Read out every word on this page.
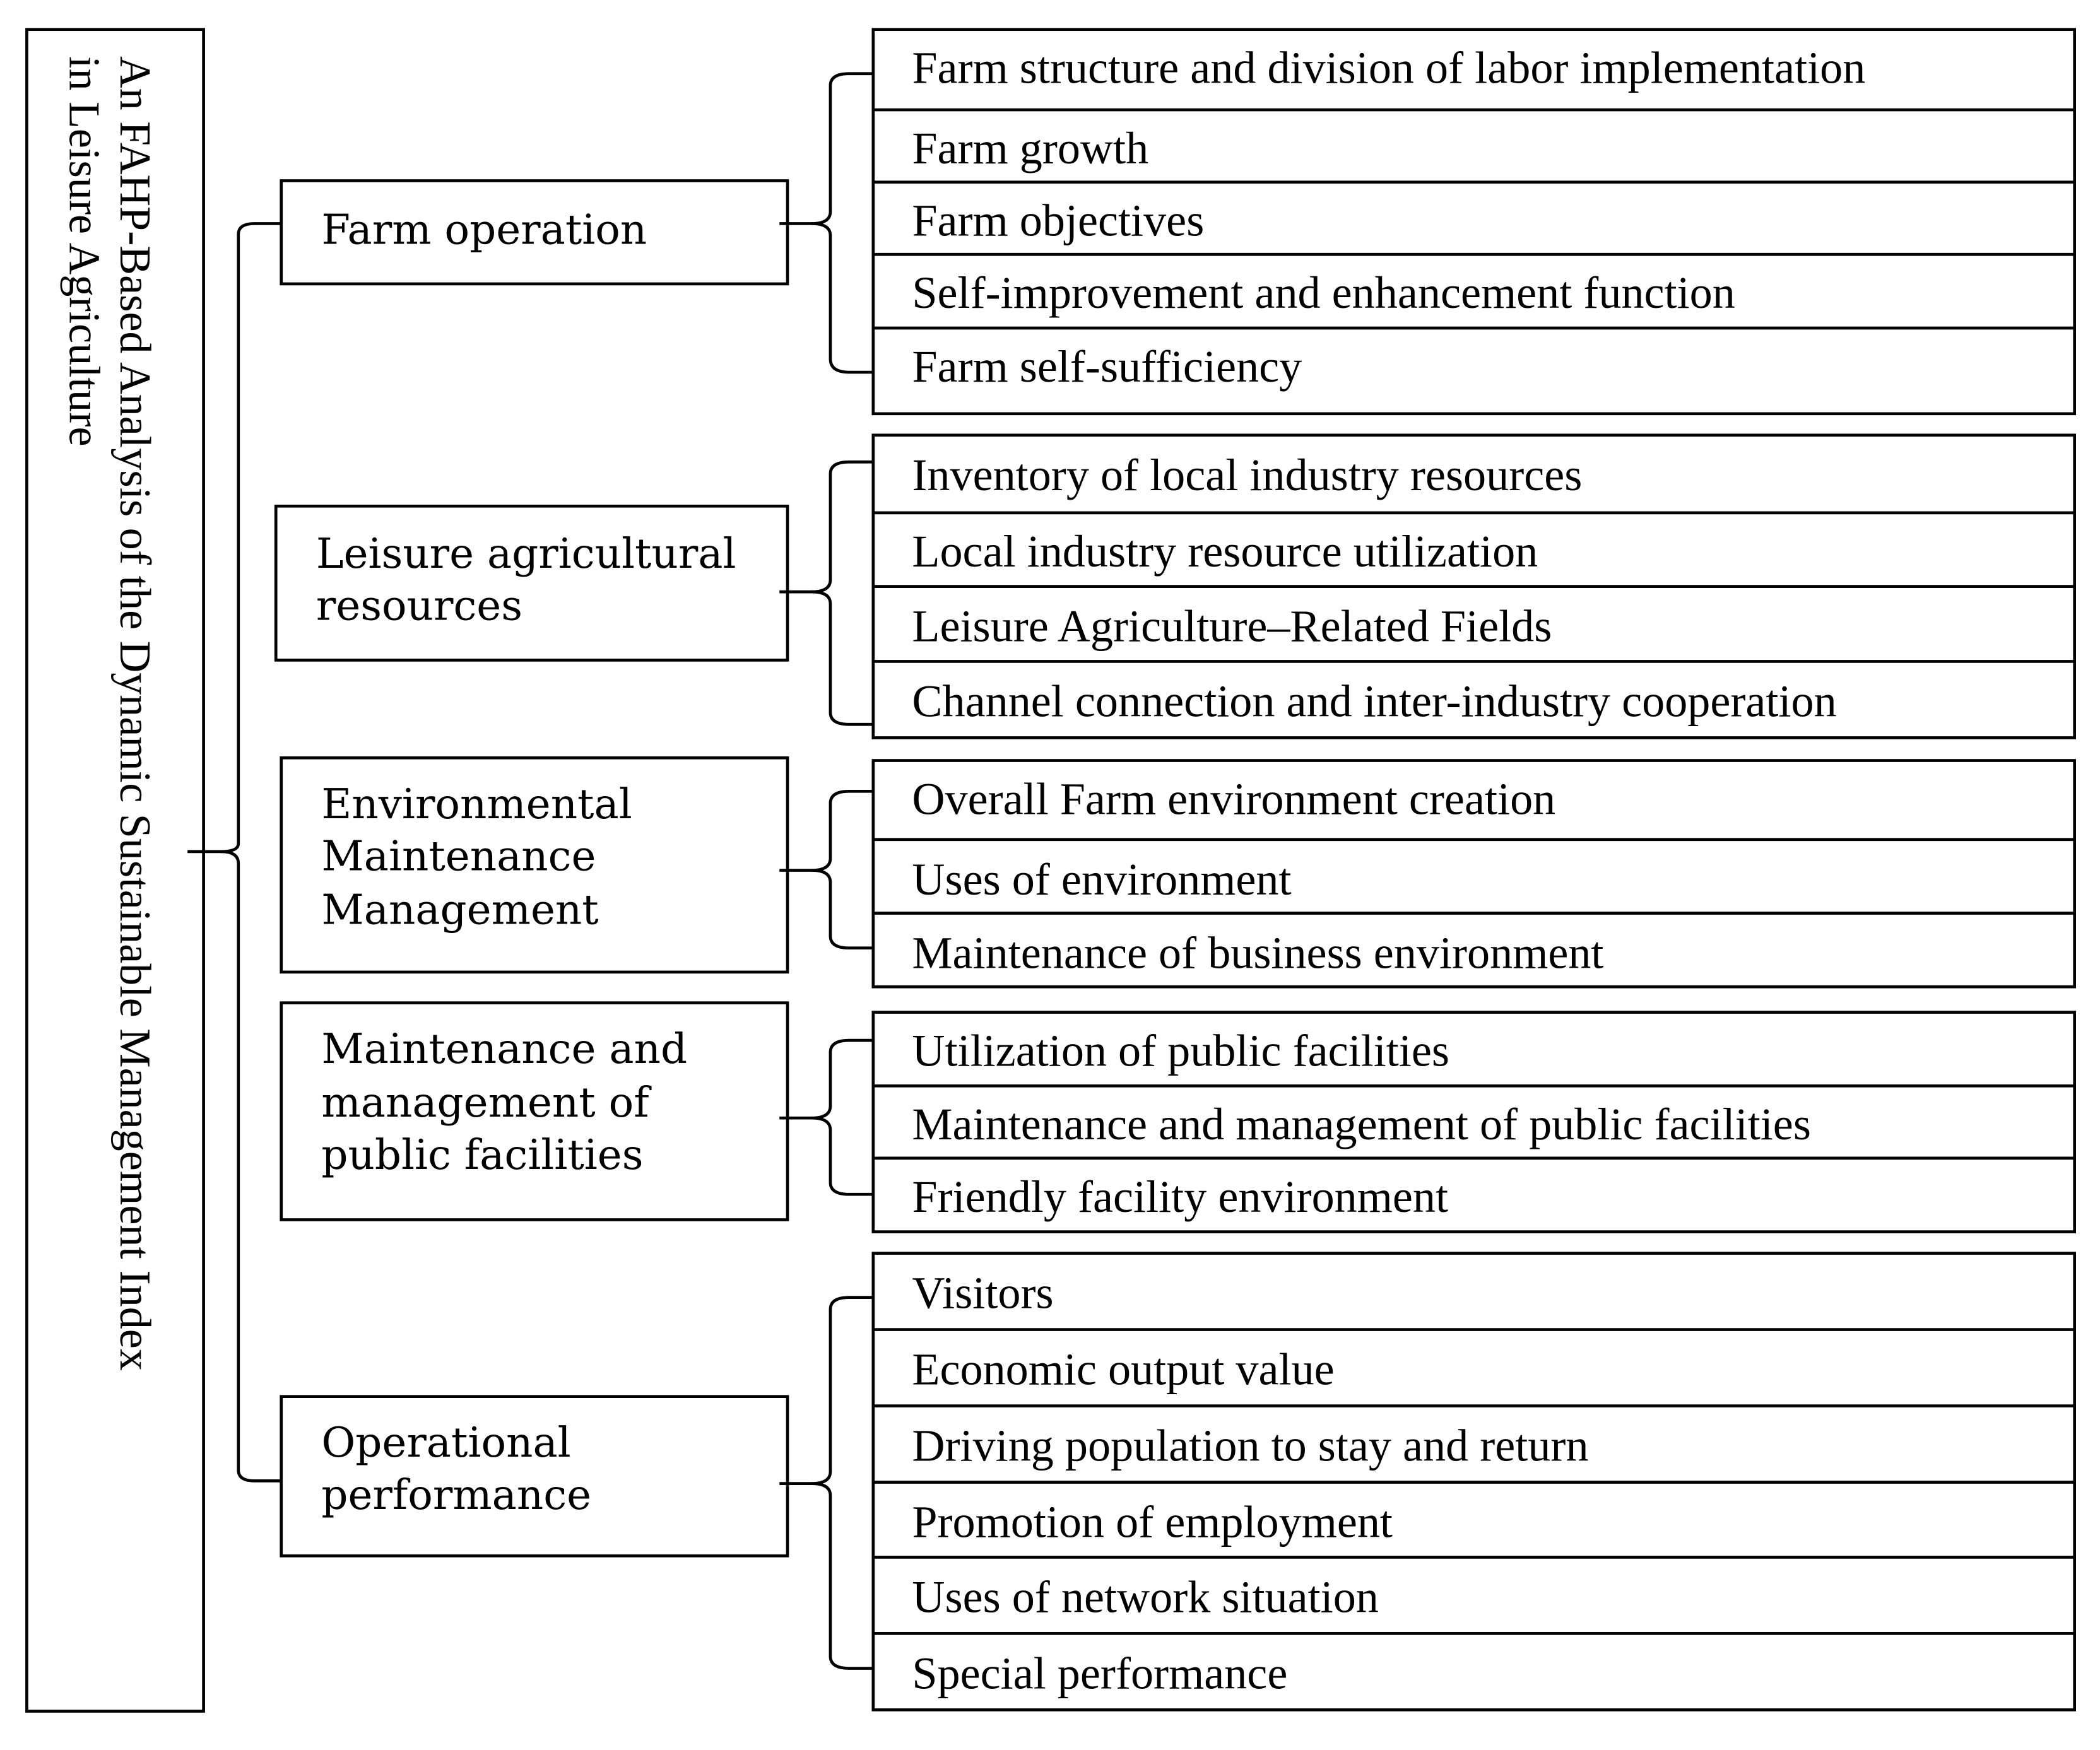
An FAHP-Based Analysis of the Dynamic Sustainable Management Index
in Leisure Agriculture	Farm operation
Farm structure and division of labor implementation
Farm growth
Farm objectives
Self-improvement and enhancement function
Farm self-sufficiency
Leisure agricultural
resources
Inventory of local industry resources
Local industry resource utilization
Leisure Agriculture–Related Fields
Channel connection and inter-industry cooperation
Environmental
Maintenance
Management
Overall Farm environment creation
Uses of environment
Maintenance of business environment
Maintenance and
management of
public facilities
Utilization of public facilities
Maintenance and management of public facilities
Friendly facility environment
Operational
performance
Visitors
Economic output value
Driving population to stay and return
Promotion of employment
Uses of network situation
Special performance
